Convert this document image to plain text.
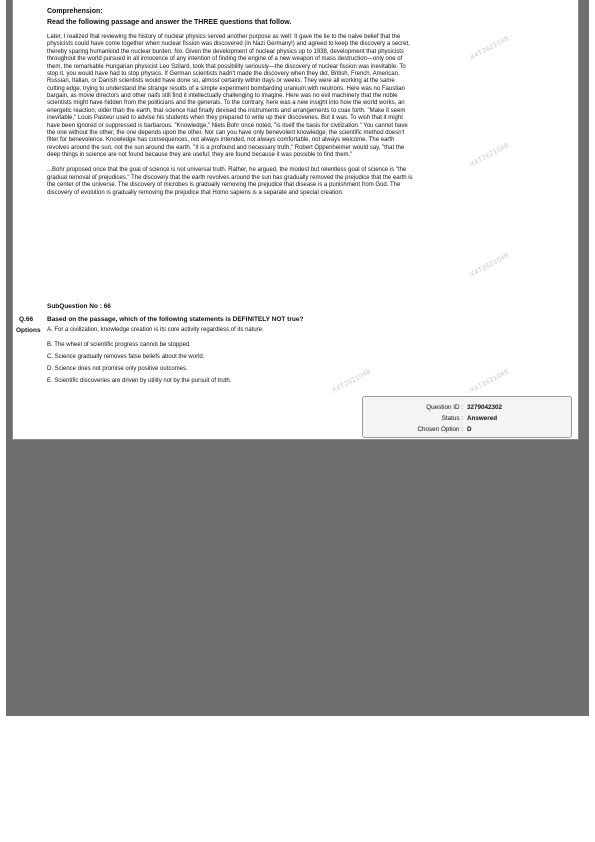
Comprehension:
Read the following passage and answer the THREE questions that follow.

Later, I realized that reviewing the history of nuclear physics served another purpose as well: It gave the lie to the naive belief that the physicists could have come together when nuclear fission was discovered (in Nazi Germany!) and agreed to keep the discovery a secret, thereby sparing humankind the nuclear burden. No. Given the development of nuclear physics up to 1938, development that physicists throughout the world pursued in all innocence of any intention of finding the engine of a new weapon of mass destruction—only one of them, the remarkable Hungarian physicist Leo Szilard, took that possibility seriously—the discovery of nuclear fission was inevitable. To stop it, you would have had to stop physics. If German scientists hadn't made the discovery when they did, British, French, American, Russian, Italian, or Danish scientists would have done so, almost certainly within days or weeks. They were all working at the same cutting edge, trying to understand the strange results of a simple experiment bombarding uranium with neutrons. Here was no Faustian bargain, as movie directors and other naifs still find it intellectually challenging to imagine. Here was no evil machinery that the noble scientists might have hidden from the politicians and the generals. To the contrary, here was a new insight into how the world works, an energetic reaction, older than the earth, that science had finally devised the instruments and arrangements to coax forth. "Make it seem inevitable," Louis Pasteur used to advise his students when they prepared to write up their discoveries. But it was. To wish that it might have been ignored or suppressed is barbarous. "Knowledge," Niels Bohr once noted, "is itself the basis for civilization." You cannot have the one without the other; the one depends upon the other. Nor can you have only benevolent knowledge; the scientific method doesn't filter for benevolence. Knowledge has consequences, not always intended, not always comfortable, not always welcome. The earth revolves around the sun, not the sun around the earth. "It is a profound and necessary truth," Robert Oppenheimer would say, "that the deep things in science are not found because they are useful; they are found because it was possible to find them."

...Bohr proposed once that the goal of science is not universal truth. Rather, he argued, the modest but relentless goal of science is "the gradual removal of prejudices." The discovery that the earth revolves around the sun has gradually removed the prejudice that the earth is the center of the universe. The discovery of microbes is gradually removing the prejudice that disease is a punishment from God. The discovery of evolution is gradually removing the prejudice that Homo sapiens is a separate and special creation.

SubQuestion No : 66
Q.66 Based on the passage, which of the following statements is DEFINITELY NOT true?
Options A. For a civilization, knowledge creation is its core activity regardless of its nature.
B. The wheel of scientific progress cannot be stopped.
C. Science gradually removes false beliefs about the world.
D. Science does not promise only positive outcomes.
E. Scientific discoveries are driven by utility not by the pursuit of truth.
Question ID : 3279042302
Status : Answered
Chosen Option : D
X4T2621048
X4T2621048
X4T2621048
X4T2621048	X4T2621048
